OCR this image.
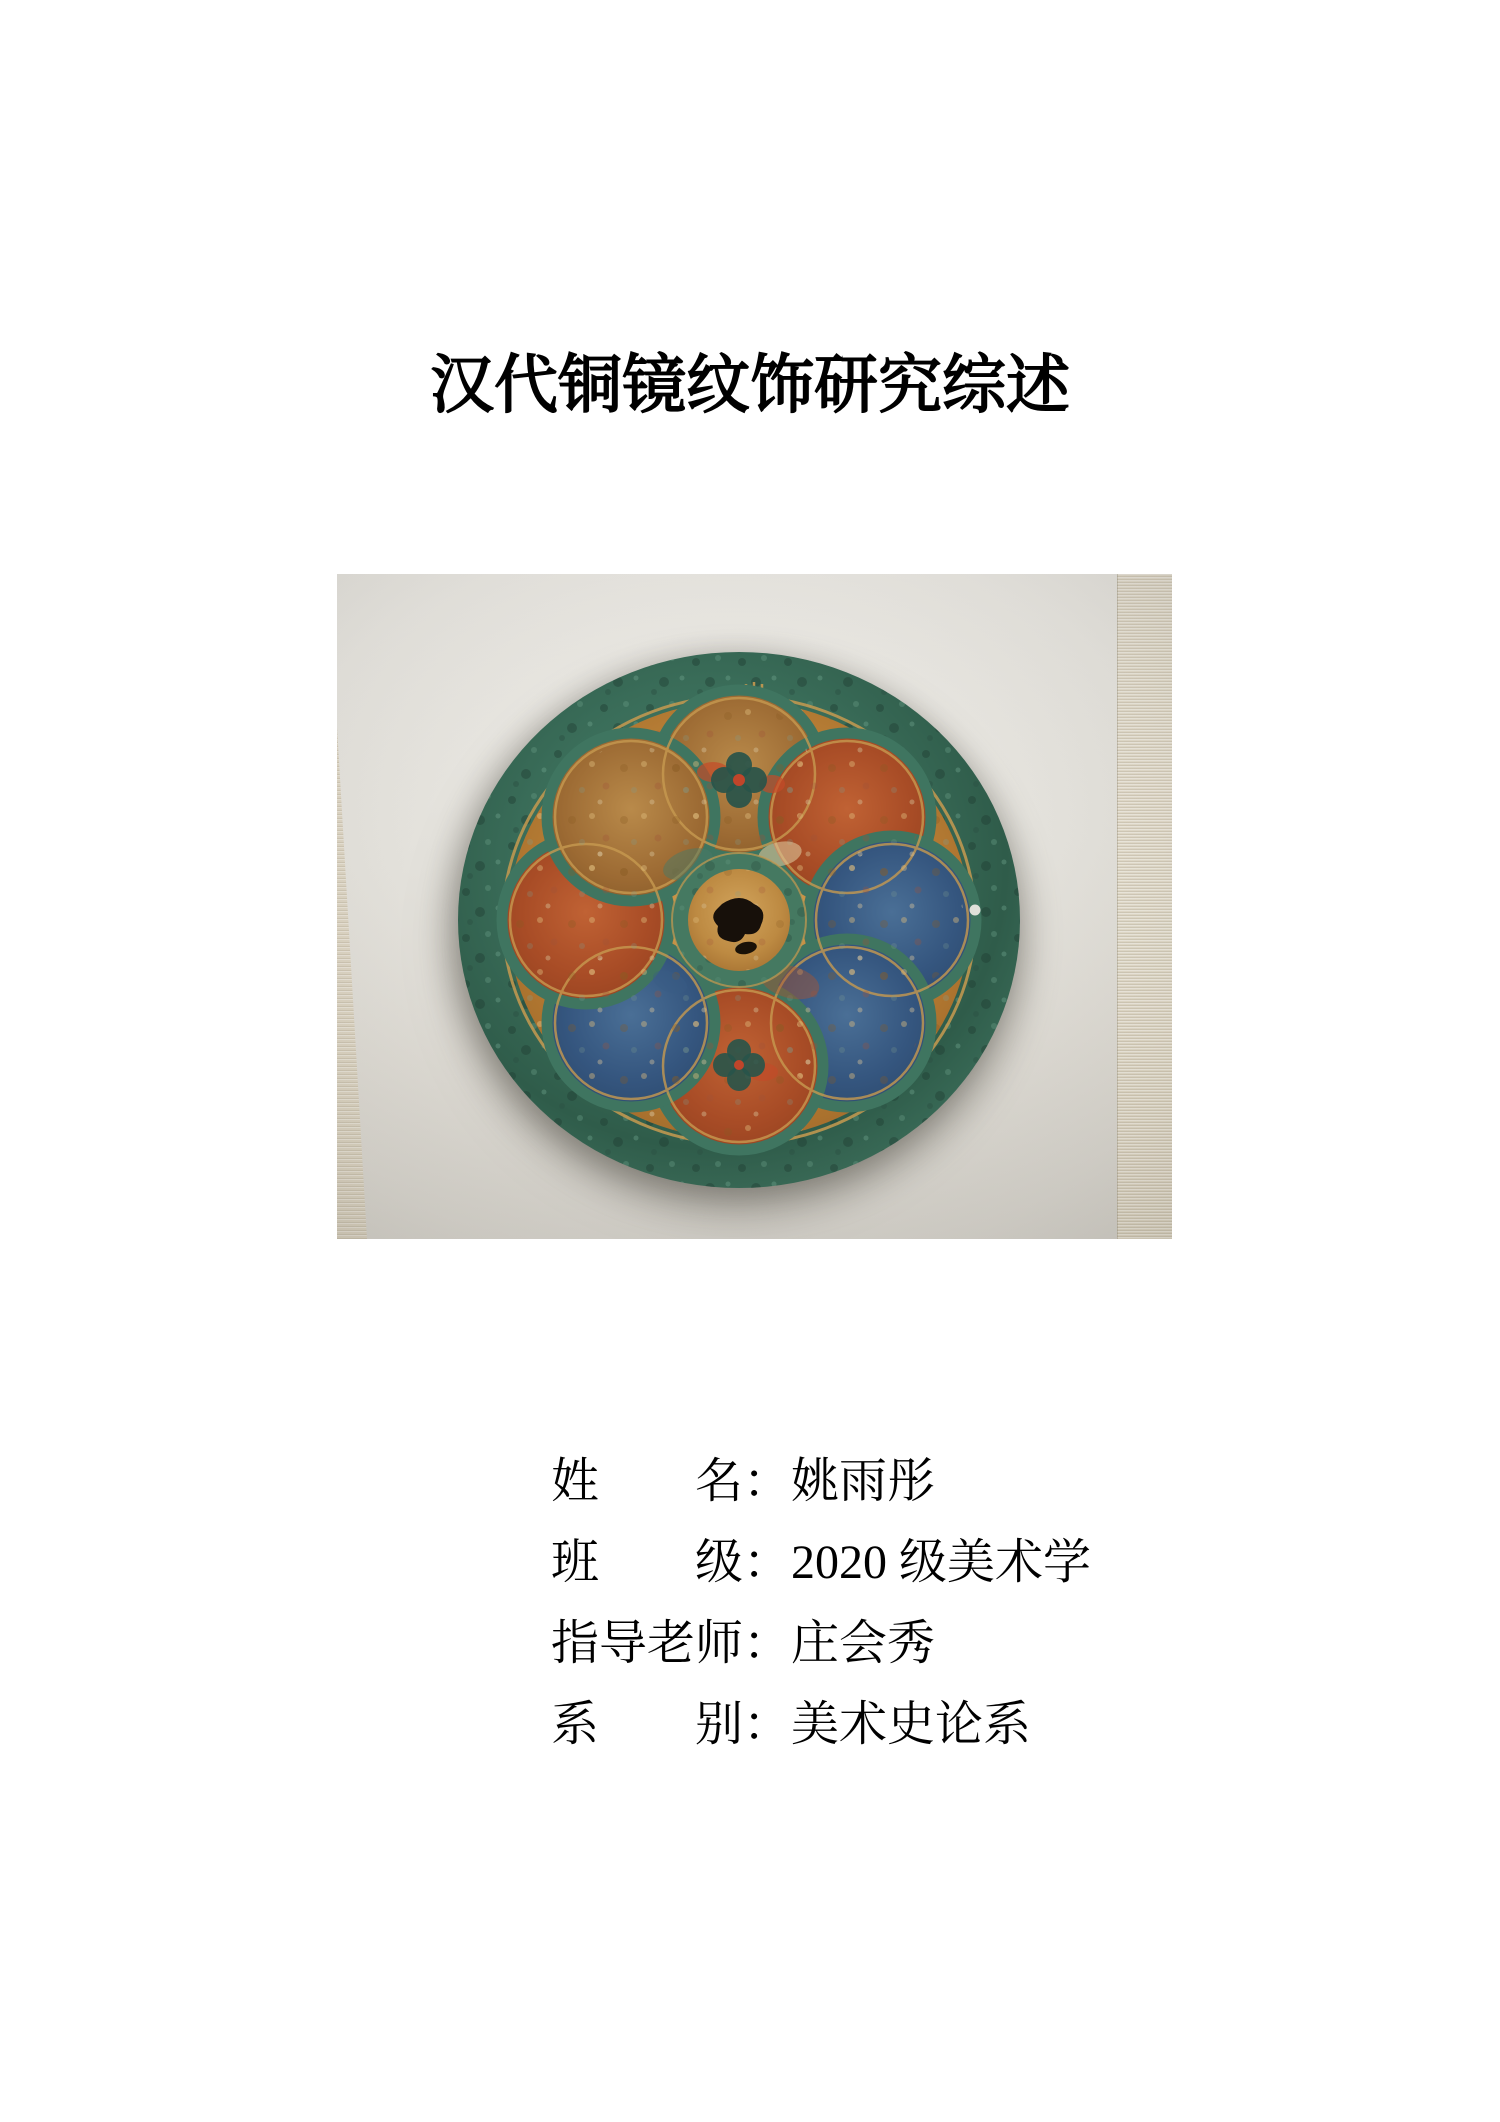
汉代铜镜纹饰研究综述
姓 名 ：姚雨彤
班 级 ：2020 级美术学
指 导 老 师 ：庄会秀
系 别 ：美术史论系
